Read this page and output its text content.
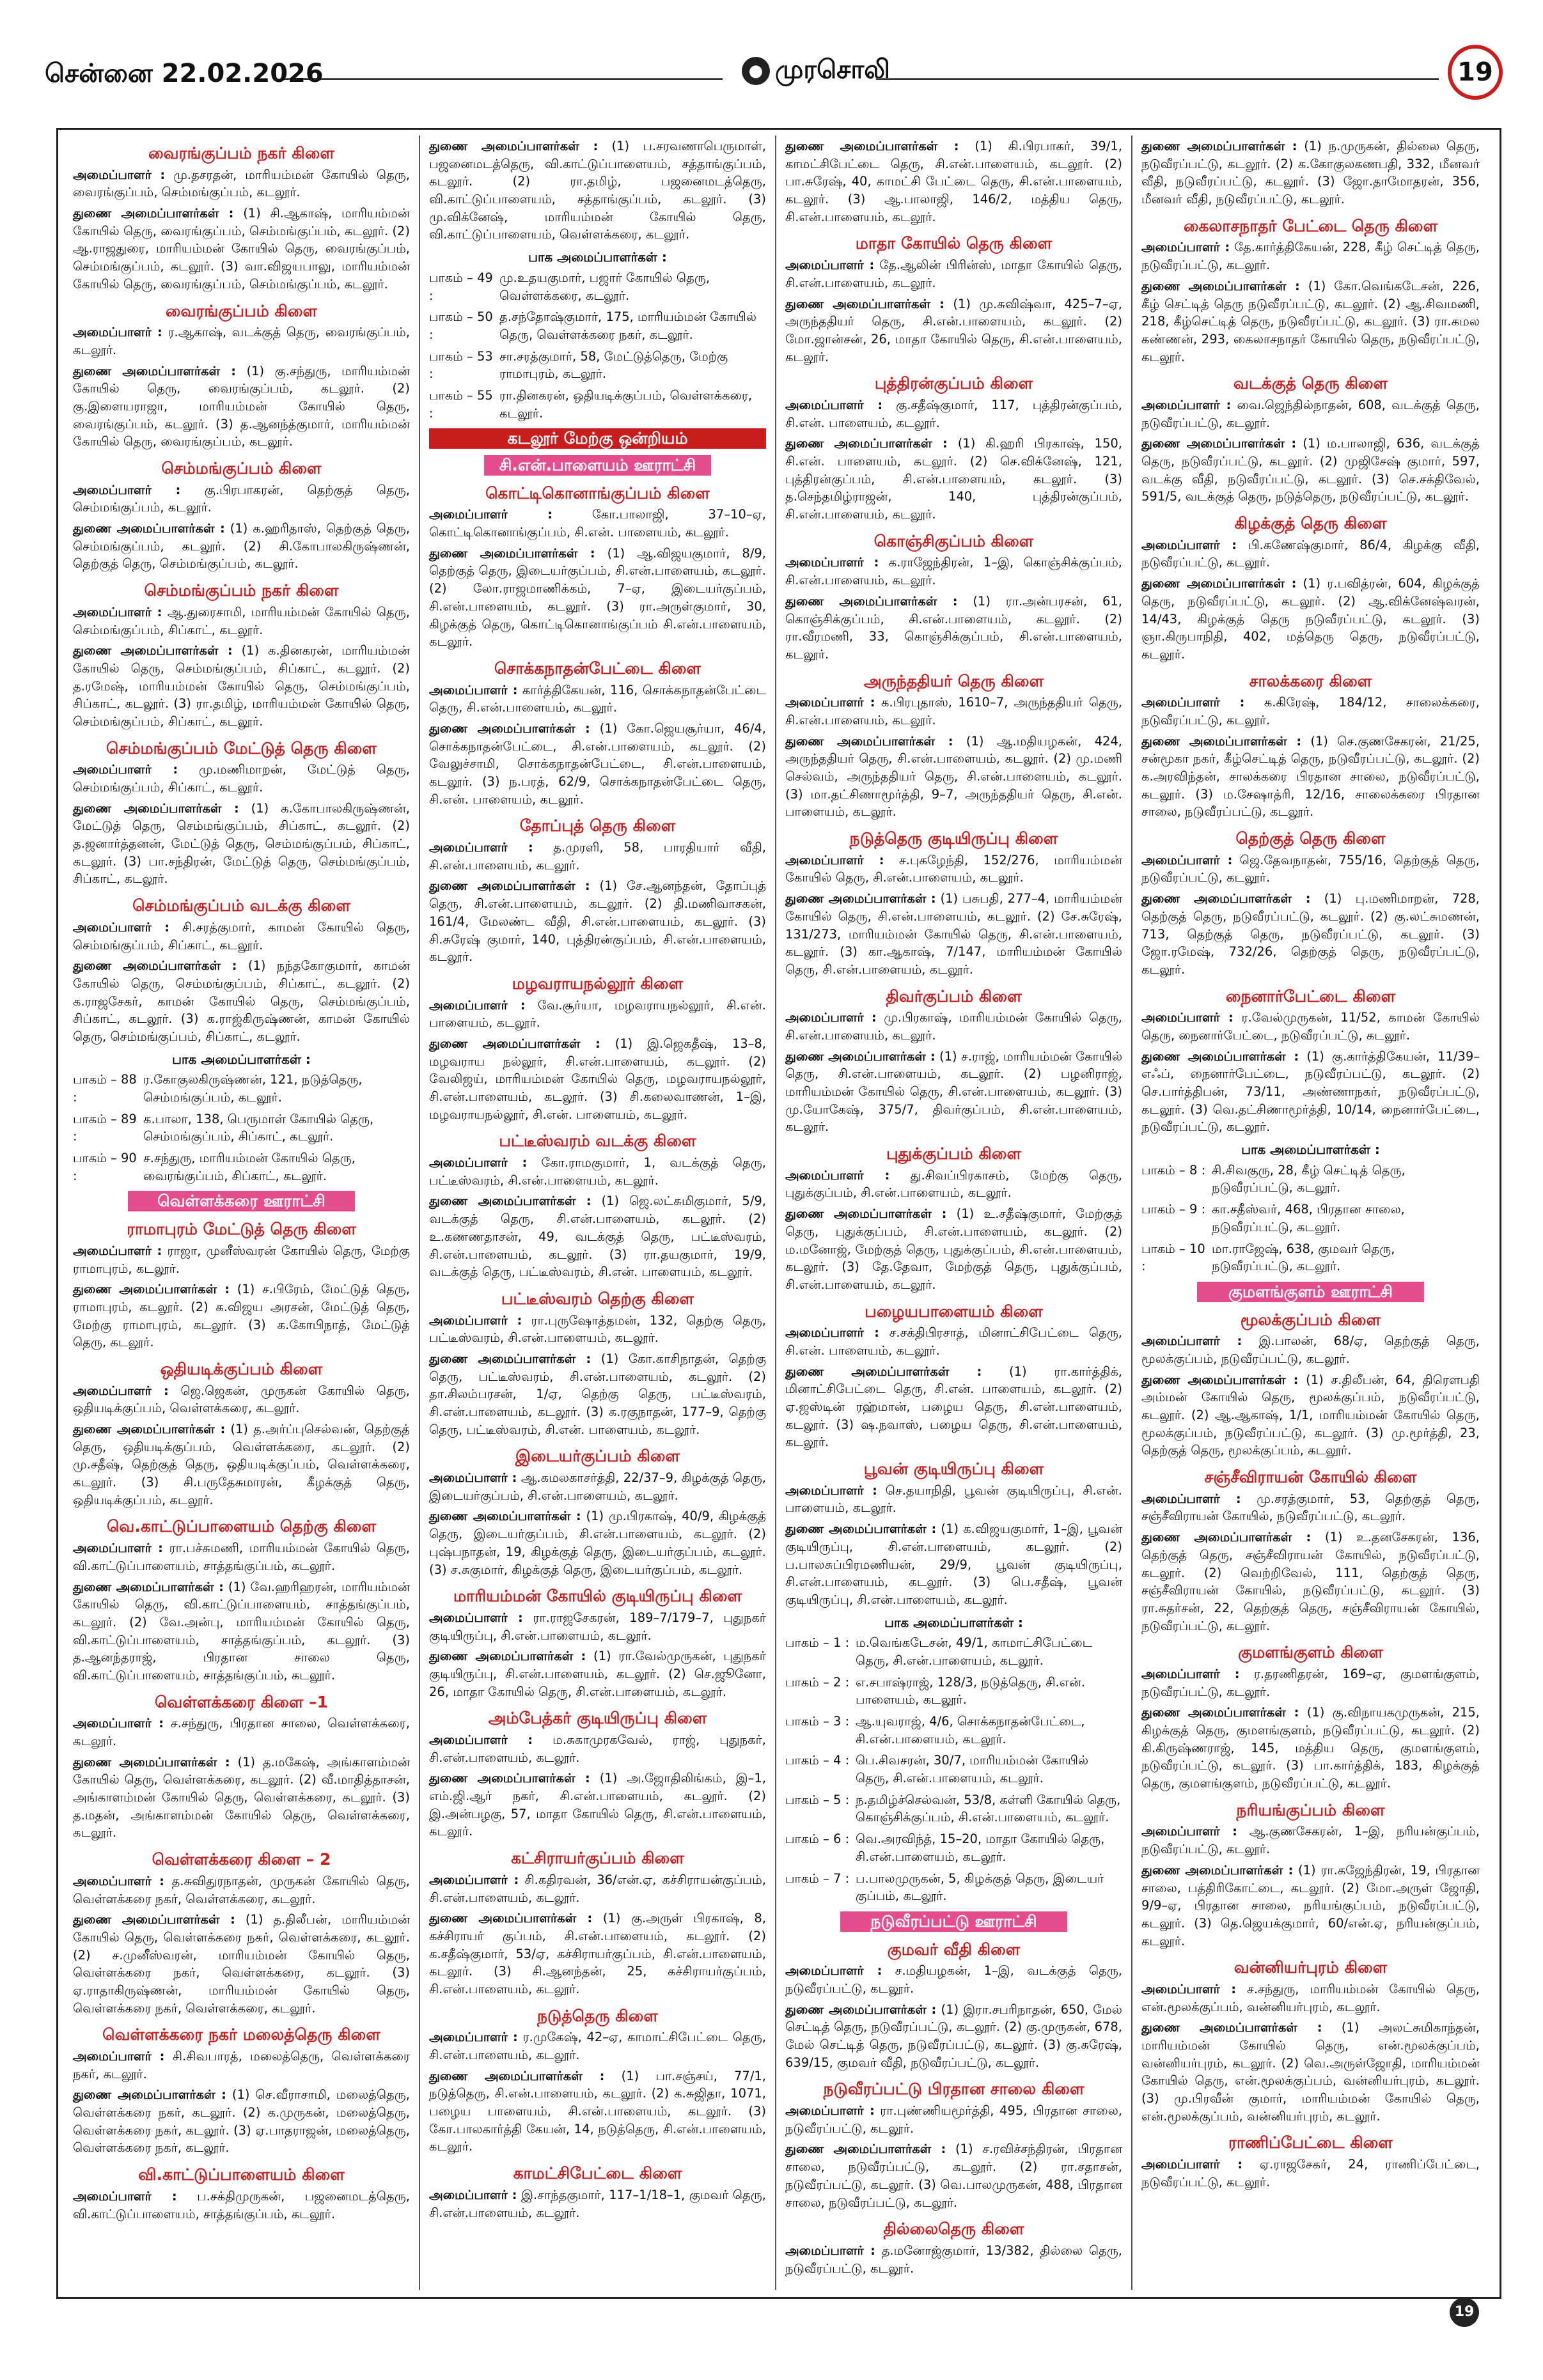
சென்னை 22.02.2026	● முரசொலி	19
வைரங்குப்பம் நகர் கிளை
அமைப்பாளர் : மு.தசரதன், மாரியம்மன் கோயில் தெரு, வைரங்குப்பம், செம்மங்குப்பம், கடலூர்.
துணை அமைப்பாளர்கள் : (1) சி.ஆகாஷ், மாரியம்மன் கோயில் தெரு, வைரங்குப்பம், செம்மங்குப்பம், கடலூர். (2) ஆ.ராஜதுரை, மாரியம்மன் கோயில் தெரு, வைரங்குப்பம், செம்மங்குப்பம், கடலூர். (3) வா.விஜயபாலு, மாரியம்மன் கோயில் தெரு, வைரங்குப்பம், செம்மங்குப்பம், கடலூர்.
வைரங்குப்பம் கிளை
அமைப்பாளர் : ர.ஆகாஷ், வடக்குத் தெரு, வைரங்குப்பம், கடலூர்.
துணை அமைப்பாளர்கள் : (1) கு.சந்துரு, மாரியம்மன் கோயில் தெரு, வைரங்குப்பம், கடலூர். (2) கு.இளையராஜா, மாரியம்மன் கோயில் தெரு, வைரங்குப்பம், கடலூர். (3) த.ஆனந்த்குமார், மாரியம்மன் கோயில் தெரு, வைரங்குப்பம், கடலூர்.
செம்மங்குப்பம் கிளை
அமைப்பாளர் : கு.பிரபாகரன், தெற்குத் தெரு, செம்மங்குப்பம், கடலூர்.
துணை அமைப்பாளர்கள் : (1) க.ஹரிதாஸ், தெற்குத் தெரு, செம்மங்குப்பம், கடலூர். (2) சி.கோபாலகிருஷ்ணன், தெற்குத் தெரு, செம்மங்குப்பம், கடலூர்.
செம்மங்குப்பம் நகர் கிளை
அமைப்பாளர் : ஆ.துரைசாமி, மாரியம்மன் கோயில் தெரு, செம்மங்குப்பம், சிப்காட், கடலூர்.
துணை அமைப்பாளர்கள் : (1) க.தினகரன், மாரியம்மன் கோயில் தெரு, செம்மங்குப்பம், சிப்காட், கடலூர். (2) த.ரமேஷ், மாரியம்மன் கோயில் தெரு, செம்மங்குப்பம், சிப்காட், கடலூர். (3) ரா.தமிழ், மாரியம்மன் கோயில் தெரு, செம்மங்குப்பம், சிப்காட், கடலூர்.
செம்மங்குப்பம் மேட்டுத் தெரு கிளை
அமைப்பாளர் : மு.மணிமாறன், மேட்டுத் தெரு, செம்மங்குப்பம், சிப்காட், கடலூர்.
துணை அமைப்பாளர்கள் : (1) க.கோபாலகிருஷ்ணன், மேட்டுத் தெரு, செம்மங்குப்பம், சிப்காட், கடலூர். (2) த.ஜனார்த்தனன், மேட்டுத் தெரு, செம்மங்குப்பம், சிப்காட், கடலூர். (3) பா.சந்திரன், மேட்டுத் தெரு, செம்மங்குப்பம், சிப்காட், கடலூர்.
செம்மங்குப்பம் வடக்கு கிளை
அமைப்பாளர் : சி.சரத்குமார், காமன் கோயில் தெரு, செம்மங்குப்பம், சிப்காட், கடலூர்.
துணை அமைப்பாளர்கள் : (1) நந்தகோகுமார், காமன் கோயில் தெரு, செம்மங்குப்பம், சிப்காட், கடலூர். (2) க.ராஜசேகர், காமன் கோயில் தெரு, செம்மங்குப்பம், சிப்காட், கடலூர். (3) க.ராஜ்கிருஷ்ணன், காமன் கோயில் தெரு, செம்மங்குப்பம், சிப்காட், கடலூர்.
பாக அமைப்பாளர்கள் :
பாகம் – 88 :
ர.கோகுலகிருஷ்ணன், 121, நடுத்தெரு, செம்மங்குப்பம், கடலூர்.
பாகம் – 89 :
க.பாலா, 138, பெருமாள் கோயில் தெரு, செம்மங்குப்பம், சிப்காட், கடலூர்.
பாகம் – 90 :
ச.சந்துரு, மாரியம்மன் கோயில் தெரு, வைரங்குப்பம், சிப்காட், கடலூர்.
வெள்ளக்கரை ஊராட்சி
ராமாபுரம் மேட்டுத் தெரு கிளை
அமைப்பாளர் : ராஜா, முனீஸ்வரன் கோயில் தெரு, மேற்கு ராமாபுரம், கடலூர்.
துணை அமைப்பாளர்கள் : (1) ச.பிரேம், மேட்டுத் தெரு, ராமாபுரம், கடலூர். (2) க.விஜய அரசன், மேட்டுத் தெரு, மேற்கு ராமாபுரம், கடலூர். (3) க.கோபிநாத், மேட்டுத் தெரு, கடலூர்.
ஒதியடிக்குப்பம் கிளை
அமைப்பாளர் : ஜெ.ஜெகன், முருகன் கோயில் தெரு, ஒதியடிக்குப்பம், வெள்ளக்கரை, கடலூர்.
துணை அமைப்பாளர்கள் : (1) த.அர்ப்புசெல்வன், தெற்குத் தெரு, ஒதியடிக்குப்பம், வெள்ளக்கரை, கடலூர். (2) மு.சதீஷ், தெற்குத் தெரு, ஒதியடிக்குப்பம், வெள்ளக்கரை, கடலூர். (3) சி.பருதேசுமாரன், கீழக்குத் தெரு, ஒதியடிக்குப்பம், கடலூர்.
வெ.காட்டுப்பாளையம் தெற்கு கிளை
அமைப்பாளர் : ரா.பச்சுமணி, மாரியம்மன் கோயில் தெரு, வி.காட்டுப்பாளையம், சாத்தங்குப்பம், கடலூர்.
துணை அமைப்பாளர்கள் : (1) வே.ஹரிஹரன், மாரியம்மன் கோயில் தெரு, வி.காட்டுப்பாளையம், சாத்தங்குப்பம், கடலூர். (2) வே.அன்பு, மாரியம்மன் கோயில் தெரு, வி.காட்டுப்பாளையம், சாத்தங்குப்பம், கடலூர். (3) த.ஆனந்தராஜ், பிரதான சாலை தெரு, வி.காட்டுப்பாளையம், சாத்தங்குப்பம், கடலூர்.
வெள்ளக்கரை கிளை –1
அமைப்பாளர் : ச.சந்துரு, பிரதான சாலை, வெள்ளக்கரை, கடலூர்.
துணை அமைப்பாளர்கள் : (1) த.மகேஷ், அங்காளம்மன் கோயில் தெரு, வெள்ளக்கரை, கடலூர். (2) வீ.மாதித்தாசன், அங்காளம்மன் கோயில் தெரு, வெள்ளக்கரை, கடலூர். (3) த.மதன், அங்காளம்மன் கோயில் தெரு, வெள்ளக்கரை, கடலூர்.
வெள்ளக்கரை கிளை – 2
அமைப்பாளர் : த.சுவிதுரநாதன், முருகன் கோயில் தெரு, வெள்ளக்கரை நகர், வெள்ளக்கரை, கடலூர்.
துணை அமைப்பாளர்கள் : (1) த.திலீபன், மாரியம்மன் கோயில் தெரு, வெள்ளக்கரை நகர், வெள்ளக்கரை, கடலூர். (2) ச.முனீஸ்வரன், மாரியம்மன் கோயில் தெரு, வெள்ளக்கரை நகர், வெள்ளக்கரை, கடலூர். (3) ஏ.ராதாகிருஷ்ணன், மாரியம்மன் கோயில் தெரு, வெள்ளக்கரை நகர், வெள்ளக்கரை, கடலூர்.
வெள்ளக்கரை நகர் மலைத்தெரு கிளை
அமைப்பாளர் : சி.சிவபாரத், மலைத்தெரு, வெள்ளக்கரை நகர், கடலூர்.
துணை அமைப்பாளர்கள் : (1) செ.வீராசாமி, மலைத்தெரு, வெள்ளக்கரை நகர், கடலூர். (2) க.முருகன், மலைத்தெரு, வெள்ளக்கரை நகர், கடலூர். (3) ஏ.பாதராஜன், மலைத்தெரு, வெள்ளக்கரை நகர், கடலூர்.
வி.காட்டுப்பாளையம் கிளை
அமைப்பாளர் : ப.சக்திமுருகன், பஜனைமடத்தெரு, வி.காட்டுப்பாளையம், சாத்தங்குப்பம், கடலூர்.
துணை அமைப்பாளர்கள் : (1) ப.சரவணாபெருமாள், பஜனைமடத்தெரு, வி.காட்டுப்பாளையம், சத்தாங்குப்பம், கடலூர். (2) ரா.தமிழ், பஜனைமடத்தெரு, வி.காட்டுப்பாளையம், சத்தாங்குப்பம், கடலூர். (3) மு.விக்னேஷ், மாரியம்மன் கோயில் தெரு, வி.காட்டுப்பாளையம், வெள்ளக்கரை, கடலூர்.
பாக அமைப்பாளர்கள் :
பாகம் – 49 :
மு.உதயகுமார், பஜார் கோயில் தெரு, வெள்ளக்கரை, கடலூர்.
பாகம் – 50 :
த.சந்தோஷ்குமார், 175, மாரியம்மன் கோயில் தெரு, வெள்ளக்கரை நகர், கடலூர்.
பாகம் – 53 :
சா.சரத்குமார், 58, மேட்டுத்தெரு, மேற்கு ராமாபுரம், கடலூர்.
பாகம் – 55 :
ரா.தினகரன், ஒதியடிக்குப்பம், வெள்ளக்கரை, கடலூர்.
கடலூர் மேற்கு ஒன்றியம்
சி.என்.பாளையம் ஊராட்சி
கொட்டிகொனாங்குப்பம் கிளை
அமைப்பாளர் :	கோ.பாலாஜி, 37–10–ஏ, கொட்டிகொனாங்குப்பம், சி.என். பாளையம், கடலூர்.
துணை அமைப்பாளர்கள் : (1) ஆ.விஜயகுமார், 8/9, தெற்குத் தெரு, இடையர்குப்பம், சி.என்.பாளையம், கடலூர். (2) லோ.ராஜமாணிக்கம், 7–ஏ, இடையர்குப்பம், சி.என்.பாளையம், கடலூர். (3) ரா.அருள்குமார், 30, கிழக்குத் தெரு, கொட்டிகொனாங்குப்பம் சி.என்.பாளையம், கடலூர்.
சொக்கநாதன்பேட்டை கிளை
அமைப்பாளர் : கார்த்திகேயன், 116, சொக்கநாதன்பேட்டை தெரு, சி.என்.பாளையம், கடலூர்.
துணை அமைப்பாளர்கள் : (1) கோ.ஜெயசூர்யா, 46/4, சொக்கநாதன்பேட்டை, சி.என்.பாளையம், கடலூர். (2) வேலுச்சாமி, சொக்கநாதன்பேட்டை, சி.என்.பாளையம், கடலூர். (3) ந.பரத், 62/9, சொக்கநாதன்பேட்டை தெரு, சி.என். பாளையம், கடலூர்.
தோப்புத் தெரு கிளை
அமைப்பாளர் : த.முரளி, 58, பாரதியார் வீதி, சி.என்.பாளையம், கடலூர்.
துணை அமைப்பாளர்கள் : (1) சே.ஆனந்தன், தோப்புத் தெரு, சி.என்.பாளையம், கடலூர். (2) தி.மணிவாசகன், 161/4, மேலண்ட வீதி, சி.என்.பாளையம், கடலூர். (3) சி.சுரேஷ் குமார், 140, புத்திரன்குப்பம், சி.என்.பாளையம், கடலூர்.
மழவராயநல்லூர் கிளை
அமைப்பாளர் : வே.சூர்யா, மழவராயநல்லூர், சி.என். பாளையம், கடலூர்.
துணை அமைப்பாளர்கள் : (1) இ.ஜெகதீஷ், 13–8, மழவராய நல்லூர், சி.என்.பாளையம், கடலூர். (2) வேலிஜய், மாரியம்மன் கோயில் தெரு, மழவராயநல்லூர், சி.என்.பாளையம், கடலூர். (3) சி.கலைவாணன், 1–இ, மழவராயநல்லூர், சி.என். பாளையம், கடலூர்.
பட்டீஸ்வரம் வடக்கு கிளை
அமைப்பாளர் : கோ.ராமகுமார், 1, வடக்குத் தெரு, பட்டீஸ்வரம், சி.என்.பாளையம், கடலூர்.
துணை அமைப்பாளர்கள் : (1) ஜெ.லட்சுமிகுமார், 5/9, வடக்குத் தெரு, சி.என்.பாளையம், கடலூர். (2) உ.கணணதாசன், 49, வடக்குத் தெரு, பட்டீஸ்வரம், சி.என்.பாளையம், கடலூர். (3) ரா.தயகுமார், 19/9, வடக்குத் தெரு, பட்டீஸ்வரம், சி.என். பாளையம், கடலூர்.
பட்டீஸ்வரம் தெற்கு கிளை
அமைப்பாளர் : ரா.புருஷோத்தமன், 132, தெற்கு தெரு, பட்டீஸ்வரம், சி.என்.பாளையம், கடலூர்.
துணை அமைப்பாளர்கள் : (1) கோ.காசிநாதன், தெற்கு தெரு, பட்டீஸ்வரம், சி.என்.பாளையம், கடலூர். (2) தா.சிலம்பரசன், 1/ஏ, தெற்கு தெரு, பட்டீஸ்வரம், சி.என்.பாளையம், கடலூர். (3) க.ரகுநாதன், 177–9, தெற்கு தெரு, பட்டீஸ்வரம், சி.என். பாளையம், கடலூர்.
இடையர்குப்பம் கிளை
அமைப்பாளர் : ஆ.கமலகாசர்த்தி, 22/37–9, கிழக்குத் தெரு, இடையர்குப்பம், சி.என்.பாளையம், கடலூர்.
துணை அமைப்பாளர்கள் : (1) மு.பிரகாஷ், 40/9, கிழக்குத் தெரு, இடையர்குப்பம், சி.என்.பாளையம், கடலூர். (2) புஷ்பநாதன், 19, கிழக்குத் தெரு, இடையர்குப்பம், கடலூர். (3) ச.சுகுமார், கிழக்குத் தெரு, இடையர்குப்பம், கடலூர்.
மாரியம்மன் கோயில் குடியிருப்பு கிளை
அமைப்பாளர் : ரா.ராஜசேகரன், 189–7/179–7, புதுநகர் குடியிருப்பு, சி.என்.பாளையம், கடலூர்.
துணை அமைப்பாளர்கள் : (1) ரா.வேல்முருகன், புதுநகர் குடியிருப்பு, சி.என்.பாளையம், கடலூர். (2) செ.ஜூனோ, 26, மாதா கோயில் தெரு, சி.என்.பாளையம், கடலூர்.
அம்பேத்கர் குடியிருப்பு கிளை
அமைப்பாளர் : ம.சுகாமுரகவேல், ராஜ், புதுநகர், சி.என்.பாளையம், கடலூர்.
துணை அமைப்பாளர்கள் : (1) அ.ஜோதிலிங்கம், இ–1, எம்.ஜி.ஆர் நகர், சி.என்.பாளையம், கடலூர். (2) இ.அன்பழகு, 57, மாதா கோயில் தெரு, சி.என்.பாளையம், கடலூர்.
கட்சிராயர்குப்பம் கிளை
அமைப்பாளர் : சி.கதிரவன், 36/என்.ஏ, கச்சிராயன்குப்பம், சி.என்.பாளையம், கடலூர்.
துணை அமைப்பாளர்கள் : (1) கு.அருள் பிரகாஷ், 8, கச்சிராயர் குப்பம், சி.என்.பாளையம், கடலூர். (2) க.சதீஷ்குமார், 53/ஏ, கச்சிராயர்குப்பம், சி.என்.பாளையம், கடலூர். (3) சி.ஆனந்தன், 25, கச்சிராயர்குப்பம், சி.என்.பாளையம், கடலூர்.
நடுத்தெரு கிளை
அமைப்பாளர் : ர.முகேஷ், 42–ஏ, காமாட்சிபேட்டை தெரு, சி.என்.பாளையம், கடலூர்.
துணை அமைப்பாளர்கள் : (1) பா.சஞ்சய், 77/1, நடுத்தெரு, சி.என்.பாளையம், கடலூர். (2) க.சுஜிதா, 1071, பழைய பாளையம், சி.என்.பாளையம், கடலூர். (3) கோ.பாலகார்த்தி கேயன், 14, நடுத்தெரு, சி.என்.பாளையம், கடலூர்.
காமட்சிபேட்டை கிளை
அமைப்பாளர் : இ.சாந்தகுமார், 117–1/18–1, குமவர் தெரு, சி.என்.பாளையம், கடலூர்.
துணை அமைப்பாளர்கள் : (1) கி.பிரபாகர், 39/1, காமட்சிபேட்டை தெரு, சி.என்.பாளையம், கடலூர். (2) பா.சுரேஷ், 40, காமட்சி பேட்டை தெரு, சி.என்.பாளையம், கடலூர். (3) ஆ.பாலாஜி, 146/2, மத்திய தெரு, சி.என்.பாளையம், கடலூர்.
மாதா கோயில் தெரு கிளை
அமைப்பாளர் : தே.ஆலின் பிரின்ஸ், மாதா கோயில் தெரு, சி.என்.பாளையம், கடலூர்.
துணை அமைப்பாளர்கள் : (1) மு.சுவிஷ்வா, 425–7–ஏ, அருந்ததியர் தெரு, சி.என்.பாளையம், கடலூர். (2) மோ.ஜான்சன், 26, மாதா கோயில் தெரு, சி.என்.பாளையம், கடலூர்.
புத்திரன்குப்பம் கிளை
அமைப்பாளர் : கு.சதீஷ்குமார், 117, புத்திரன்குப்பம், சி.என். பாளையம், கடலூர்.
துணை அமைப்பாளர்கள் : (1) கி.ஹரி பிரகாஷ், 150, சி.என். பாளையம், கடலூர். (2) செ.விக்னேஷ், 121, புத்திரன்குப்பம், சி.என்.பாளையம், கடலூர். (3) த.செந்தமிழ்ராஜன், 140, புத்திரன்குப்பம், சி.என்.பாளையம், கடலூர்.
கொஞ்சிகுப்பம் கிளை
அமைப்பாளர் : க.ராஜேந்திரன், 1–இ, கொஞ்சிக்குப்பம், சி.என்.பாளையம், கடலூர்.
துணை அமைப்பாளர்கள் : (1) ரா.அன்பரசன், 61, கொஞ்சிக்குப்பம், சி.என்.பாளையம், கடலூர். (2) ரா.வீரமணி, 33, கொஞ்சிக்குப்பம், சி.என்.பாளையம், கடலூர்.
அருந்ததியர் தெரு கிளை
அமைப்பாளர் : க.பிரபுதாஸ், 1610–7, அருந்ததியர் தெரு, சி.என்.பாளையம், கடலூர்.
துணை அமைப்பாளர்கள் : (1) ஆ.மதியழகன், 424, அருந்ததியர் தெரு, சி.என்.பாளையம், கடலூர். (2) மு.மணி செல்வம், அருந்ததியர் தெரு, சி.என்.பாளையம், கடலூர். (3) மா.தட்சிணாமூர்த்தி, 9–7, அருந்ததியர் தெரு, சி.என். பாளையம், கடலூர்.
நடுத்தெரு குடியிருப்பு கிளை
அமைப்பாளர் : ச.புகழேந்தி, 152/276, மாரியம்மன் கோயில் தெரு, சி.என்.பாளையம், கடலூர்.
துணை அமைப்பாளர்கள் : (1) பசுபதி, 277–4, மாரியம்மன் கோயில் தெரு, சி.என்.பாளையம், கடலூர். (2) சே.சுரேஷ், 131/273, மாரியம்மன் கோயில் தெரு, சி.என்.பாளையம், கடலூர். (3) கா.ஆகாஷ், 7/147, மாரியம்மன் கோயில் தெரு, சி.என்.பாளையம், கடலூர்.
திவர்குப்பம் கிளை
அமைப்பாளர் : மு.பிரகாஷ், மாரியம்மன் கோயில் தெரு, சி.என்.பாளையம், கடலூர்.
துணை அமைப்பாளர்கள் : (1) ச.ராஜ், மாரியம்மன் கோயில் தெரு, சி.என்.பாளையம், கடலூர். (2) பழனிராஜ், மாரியம்மன் கோயில் தெரு, சி.என்.பாளையம், கடலூர். (3) மு.யோகேஷ், 375/7, திவர்குப்பம், சி.என்.பாளையம், கடலூர்.
புதுக்குப்பம் கிளை
அமைப்பாளர் : து.சிவப்பிரகாசம், மேற்கு தெரு, புதுக்குப்பம், சி.என்.பாளையம், கடலூர்.
துணை அமைப்பாளர்கள் : (1) உ.சதீஷ்குமார், மேற்குத் தெரு, புதுக்குப்பம், சி.என்.பாளையம், கடலூர். (2) ம.மனோஜ், மேற்குத் தெரு, புதுக்குப்பம், சி.என்.பாளையம், கடலூர். (3) தே.தேவா, மேற்குத் தெரு, புதுக்குப்பம், சி.என்.பாளையம், கடலூர்.
பழையபாளையம் கிளை
அமைப்பாளர் : ச.சக்திபிரசாத், மினாட்சிபேட்டை தெரு, சி.என். பாளையம், கடலூர்.
துணை அமைப்பாளர்கள் : (1) ரா.கார்த்திக், மினாட்சிபேட்டை தெரு, சி.என். பாளையம், கடலூர். (2) ஏ.ஜஸ்டின் ரஹ்மான், பழைய தெரு, சி.என்.பாளையம், கடலூர். (3) ஷ.நவாஸ், பழைய தெரு, சி.என்.பாளையம், கடலூர்.
பூவன் குடியிருப்பு கிளை
அமைப்பாளர் : செ.தயாநிதி, பூவன் குடியிருப்பு, சி.என். பாளையம், கடலூர்.
துணை அமைப்பாளர்கள் : (1) க.விஜயகுமார், 1–இ, பூவன் குடியிருப்பு, சி.என்.பாளையம், கடலூர். (2) ப.பாலசுப்பிரமணியன், 29/9, பூவன் குடியிருப்பு, சி.என்.பாளையம், கடலூர். (3) பெ.சதீஷ், பூவன் குடியிருப்பு, சி.என்.பாளையம், கடலூர்.
பாக அமைப்பாளர்கள் :
பாகம் – 1 : ம.வெங்கடேசன், 49/1, காமாட்சிபேட்டை தெரு, சி.என்.பாளையம், கடலூர்.
பாகம் – 2 : எ.சபாஷ்ராஜ், 128/3, நடுத்தெரு, சி.என். பாளையம், கடலூர்.
பாகம் – 3 : ஆ.யுவராஜ், 4/6, சொக்கநாதன்பேட்டை, சி.என்.பாளையம், கடலூர்.
பாகம் – 4 : பெ.சிவசரன், 30/7, மாரியம்மன் கோயில் தெரு, சி.என்.பாளையம், கடலூர்.
பாகம் – 5 : ந.தமிழ்ச்செல்வன், 53/8, கள்ளி கோயில் தெரு, கொஞ்சிக்குப்பம், சி.என்.பாளையம், கடலூர்.
பாகம் – 6 : வெ.அரவிந்த், 15–20, மாதா கோயில் தெரு, சி.என்.பாளையம், கடலூர்.
பாகம் – 7 : ப.பாலமுருகன், 5, கிழக்குத் தெரு, இடையர் குப்பம், கடலூர்.
நடுவீரப்பட்டு ஊராட்சி
குமவர் வீதி கிளை
அமைப்பாளர் : ச.மதியழகன், 1–இ, வடக்குத் தெரு, நடுவீரப்பட்டு, கடலூர்.
துணை அமைப்பாளர்கள் : (1) இரா.சபரிநாதன், 650, மேல் செட்டித் தெரு, நடுவீரப்பட்டு, கடலூர். (2) கு.முருகன், 678, மேல் செட்டித் தெரு, நடுவீரப்பட்டு, கடலூர். (3) கு.சுரேஷ், 639/15, குமவர் வீதி, நடுவீரப்பட்டு, கடலூர்.
நடுவீரப்பட்டு பிரதான சாலை கிளை
அமைப்பாளர் : ரா.புண்ணியமூர்த்தி, 495, பிரதான சாலை, நடுவீரப்பட்டு, கடலூர்.
துணை அமைப்பாளர்கள் : (1) ச.ரவிச்சந்திரன், பிரதான சாலை, நடுவீரப்பட்டு, கடலூர். (2) ரா.சதாசன், நடுவீரப்பட்டு, கடலூர். (3) வெ.பாலமுருகன், 488, பிரதான சாலை, நடுவீரப்பட்டு, கடலூர்.
தில்லைதெரு கிளை
அமைப்பாளர் : த.மனோஜ்குமார், 13/382, தில்லை தெரு, நடுவீரப்பட்டு, கடலூர்.
துணை அமைப்பாளர்கள் : (1) ந.முருகன், தில்லை தெரு, நடுவீரப்பட்டு, கடலூர். (2) க.கோகுலகணபதி, 332, மீனவர் வீதி, நடுவீரப்பட்டு, கடலூர். (3) ஜோ.தாமோதரன், 356, மீனவர் வீதி, நடுவீரப்பட்டு, கடலூர்.
கைலாசநாதர் பேட்டை தெரு கிளை
அமைப்பாளர் : தே.கார்த்திகேயன், 228, கீழ் செட்டித் தெரு, நடுவீரப்பட்டு, கடலூர்.
துணை அமைப்பாளர்கள் : (1) கோ.வெங்கடேசன், 226, கீழ் செட்டித் தெரு நடுவீரப்பட்டு, கடலூர். (2) ஆ.சிவமணி, 218, கீழ்செட்டித் தெரு, நடுவீரப்பட்டு, கடலூர். (3) ரா.கமல கண்ணன், 293, கைலாசநாதர் கோயில் தெரு, நடுவீரப்பட்டு, கடலூர்.
வடக்குத் தெரு கிளை
அமைப்பாளர் : வை.ஜெந்தில்நாதன், 608, வடக்குத் தெரு, நடுவீரப்பட்டு, கடலூர்.
துணை அமைப்பாளர்கள் : (1) ம.பாலாஜி, 636, வடக்குத் தெரு, நடுவீரப்பட்டு, கடலூர். (2) முஜிசேஷ் குமார், 597, வடக்கு வீதி, நடுவீரப்பட்டு, கடலூர். (3) செ.சக்திவேல், 591/5, வடக்குத் தெரு, நடுத்தெரு, நடுவீரப்பட்டு, கடலூர்.
கிழக்குத் தெரு கிளை
அமைப்பாளர் : பி.கணேஷ்குமார், 86/4, கிழக்கு வீதி, நடுவீரப்பட்டு, கடலூர்.
துணை அமைப்பாளர்கள் : (1) ர.பவித்ரன், 604, கிழக்குத் தெரு, நடுவீரப்பட்டு, கடலூர். (2) ஆ.விக்னேஷ்வரன், 14/43, கிழக்குத் தெரு நடுவீரப்பட்டு, கடலூர். (3) ஞா.கிருபாநிதி, 402, மத்தெரு தெரு, நடுவீரப்பட்டு, கடலூர்.
சாலக்கரை கிளை
அமைப்பாளர் : க.கிரேஷ், 184/12, சாலைக்கரை, நடுவீரப்பட்டு, கடலூர்.
துணை அமைப்பாளர்கள் : (1) செ.குணசேகரன், 21/25, சன்மூகா நகர், கீழ்செட்டித் தெரு, நடுவீரப்பட்டு, கடலூர். (2) க.அரவிந்தன், சாலக்கரை பிரதான சாலை, நடுவீரப்பட்டு, கடலூர். (3) ம.சேஷாத்ரி, 12/16, சாலைக்கரை பிரதான சாலை, நடுவீரப்பட்டு, கடலூர்.
தெற்குத் தெரு கிளை
அமைப்பாளர் : ஜெ.தேவநாதன், 755/16, தெற்குத் தெரு, நடுவீரப்பட்டு, கடலூர்.
துணை அமைப்பாளர்கள் : (1) பு.மணிமாறன், 728, தெற்குத் தெரு, நடுவீரப்பட்டு, கடலூர். (2) கு.லட்சுமணன், 713, தெற்குத் தெரு, நடுவீரப்பட்டு, கடலூர். (3) ஜோ.ரமேஷ், 732/26, தெற்குத் தெரு, நடுவீரப்பட்டு, கடலூர்.
நைனார்பேட்டை கிளை
அமைப்பாளர் : ர.வேல்முருகன், 11/52, காமன் கோயில் தெரு, நைனார்பேட்டை, நடுவீரப்பட்டு, கடலூர்.
துணை அமைப்பாளர்கள் : (1) கு.கார்த்திகேயன், 11/39–எஃப், நைனார்பேட்டை, நடுவீரப்பட்டு, கடலூர். (2) செ.பார்த்திபன், 73/11, அண்ணாநகர், நடுவீரப்பட்டு, கடலூர். (3) வெ.தட்சிணாமூர்த்தி, 10/14, நைனார்பேட்டை, நடுவீரப்பட்டு, கடலூர்.
பாக அமைப்பாளர்கள் :
பாகம் – 8 : சி.சிவகுரு, 28, கீழ் செட்டித் தெரு, நடுவீரப்பட்டு, கடலூர்.
பாகம் – 9 : கா.சதீஸ்வர், 468, பிரதான சாலை, நடுவீரப்பட்டு, கடலூர்.
பாகம் – 10 :
மா.ராஜேஷ், 638, குமவர் தெரு, நடுவீரப்பட்டு, கடலூர்.
குமளங்குளம் ஊராட்சி
மூலக்குப்பம் கிளை
அமைப்பாளர் : இ.பாலன், 68/ஏ, தெற்குத் தெரு, மூலக்குப்பம், நடுவீரப்பட்டு, கடலூர்.
துணை அமைப்பாளர்கள் : (1) ச.திலீபன், 64, திரௌபதி அம்மன் கோயில் தெரு, மூலக்குப்பம், நடுவீரப்பட்டு, கடலூர். (2) ஆ.ஆகாஷ், 1/1, மாரியம்மன் கோயில் தெரு, மூலக்குப்பம், நடுவீரப்பட்டு, கடலூர். (3) மு.மூர்த்தி, 23, தெற்குத் தெரு, மூலக்குப்பம், கடலூர்.
சஞ்சீவிராயன் கோயில் கிளை
அமைப்பாளர் : மு.சரத்குமார், 53, தெற்குத் தெரு, சஞ்சீவிராயன் கோயில், நடுவீரப்பட்டு, கடலூர்.
துணை அமைப்பாளர்கள் : (1) உ.தனசேகரன், 136, தெற்குத் தெரு, சஞ்சீவிராயன் கோயில், நடுவீரப்பட்டு, கடலூர். (2) வெற்றிவேல், 111, தெற்குத் தெரு, சஞ்சீவிராயன் கோயில், நடுவீரப்பட்டு, கடலூர். (3) ரா.சுதர்சன், 22, தெற்குத் தெரு, சஞ்சீவிராயன் கோயில், நடுவீரப்பட்டு, கடலூர்.
குமளங்குளம் கிளை
அமைப்பாளர் : ர.தரணிதரன், 169–ஏ, குமளங்குளம், நடுவீரப்பட்டு, கடலூர்.
துணை அமைப்பாளர்கள் : (1) கு.விநாயகமுருகன், 215, கிழக்குத் தெரு, குமளங்குளம், நடுவீரப்பட்டு, கடலூர். (2) கி.கிருஷ்ணராஜ், 145, மத்திய தெரு, குமளங்குளம், நடுவீரப்பட்டு, கடலூர். (3) பா.கார்த்திக், 183, கிழக்குத் தெரு, குமளங்குளம், நடுவீரப்பட்டு, கடலூர்.
நரியங்குப்பம் கிளை
அமைப்பாளர் : ஆ.குணசேகரன், 1–இ, நரியன்குப்பம், நடுவீரப்பட்டு, கடலூர்.
துணை அமைப்பாளர்கள் : (1) ரா.கஜேந்திரன், 19, பிரதான சாலை, பத்திரிகோட்டை, கடலூர். (2) மோ.அருள் ஜோதி, 9/9–ஏ, பிரதான சாலை, நரியங்குப்பம், நடுவீரப்பட்டு, கடலூர். (3) தெ.ஜெயக்குமார், 60/என்.ஏ, நரியன்குப்பம், கடலூர்.
வன்னியர்புரம் கிளை
அமைப்பாளர் : ச.சந்துரு, மாரியம்மன் கோயில் தெரு, என்.மூலக்குப்பம், வன்னியர்புரம், கடலூர்.
துணை அமைப்பாளர்கள் : (1) அலட்சுமிகாந்தன், மாரியம்மன் கோயில் தெரு, என்.மூலக்குப்பம், வன்னியர்புரம், கடலூர். (2) வெ.அருள்ஜோதி, மாரியம்மன் கோயில் தெரு, என்.மூலக்குப்பம், வன்னியர்புரம், கடலூர். (3) மு.பிரவீன் குமார், மாரியம்மன் கோயில் தெரு, என்.மூலக்குப்பம், வன்னியர்புரம், கடலூர்.
ராணிப்பேட்டை கிளை
அமைப்பாளர் : ஏ.ராஜசேகர், 24, ராணிப்பேட்டை, நடுவீரப்பட்டு, கடலூர்.
19
